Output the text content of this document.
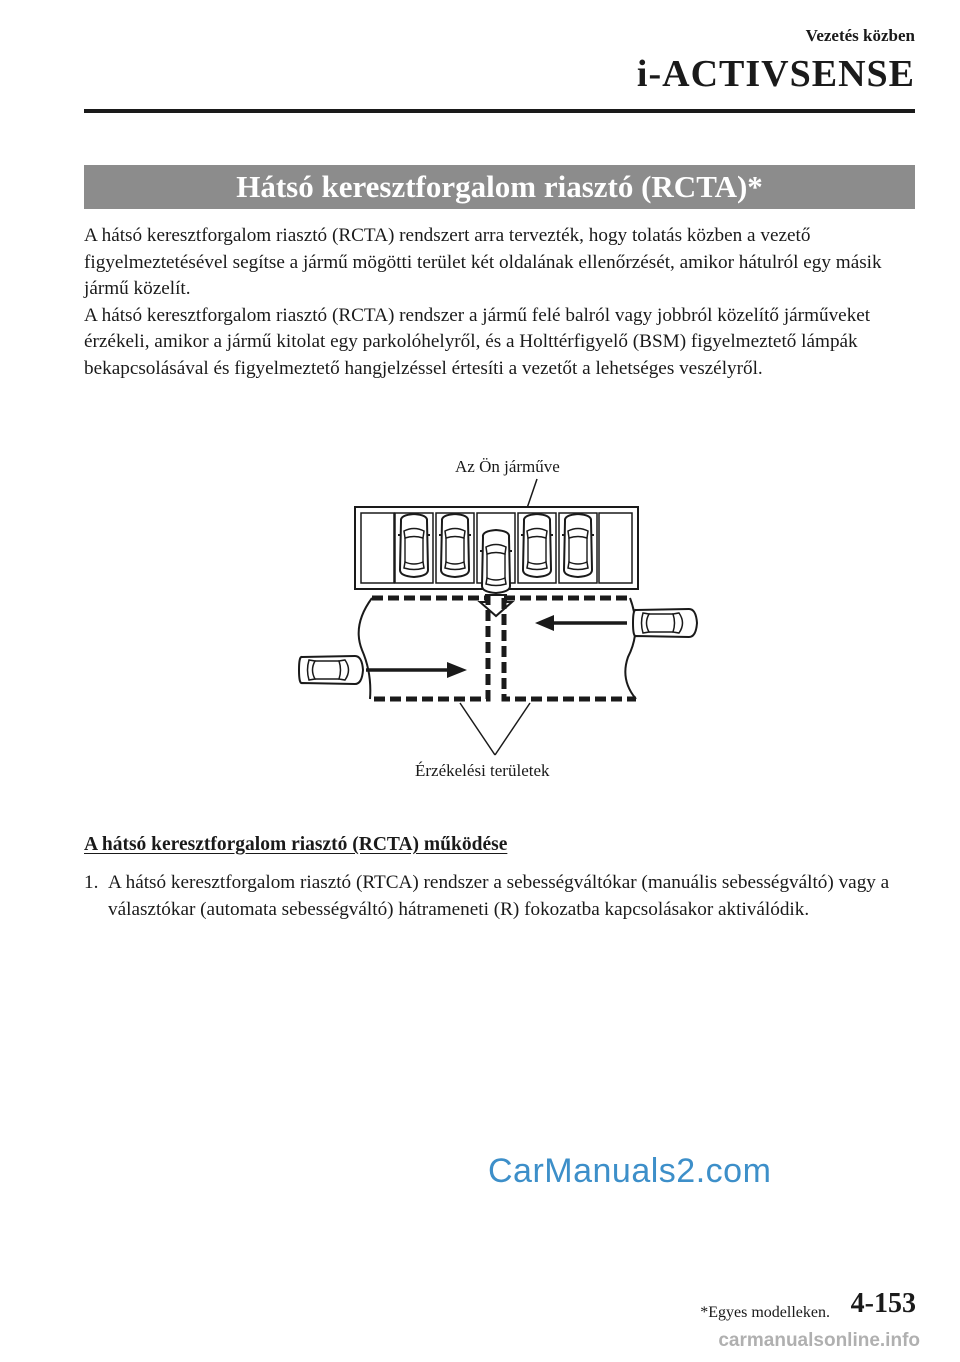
Vezetés közben
i-ACTIVSENSE
Hátsó keresztforgalom riasztó (RCTA)*

A hátsó keresztforgalom riasztó (RCTA) rendszert arra tervezték, hogy tolatás közben a vezető figyelmeztetésével segítse a jármű mögötti terület két oldalának ellenőrzését, amikor hátulról egy másik jármű közelít.

A hátsó keresztforgalom riasztó (RCTA) rendszer a jármű felé balról vagy jobbról közelítő járműveket érzékeli, amikor a jármű kitolat egy parkolóhelyről, és a Holttérfigyelő (BSM) figyelmeztető lámpák bekapcsolásával és figyelmeztető hangjelzéssel értesíti a vezetőt a lehetséges veszélyről.

Az Ön járműve
Érzékelési területek
A hátsó keresztforgalom riasztó (RCTA) működése
1. A hátsó keresztforgalom riasztó (RTCA) rendszer a sebességváltókar (manuális sebességváltó) vagy a választókar (automata sebességváltó) hátrameneti (R) fokozatba kapcsolásakor aktiválódik.
CarManuals2.com
*Egyes modelleken. 4-153
carmanualsonline.info
